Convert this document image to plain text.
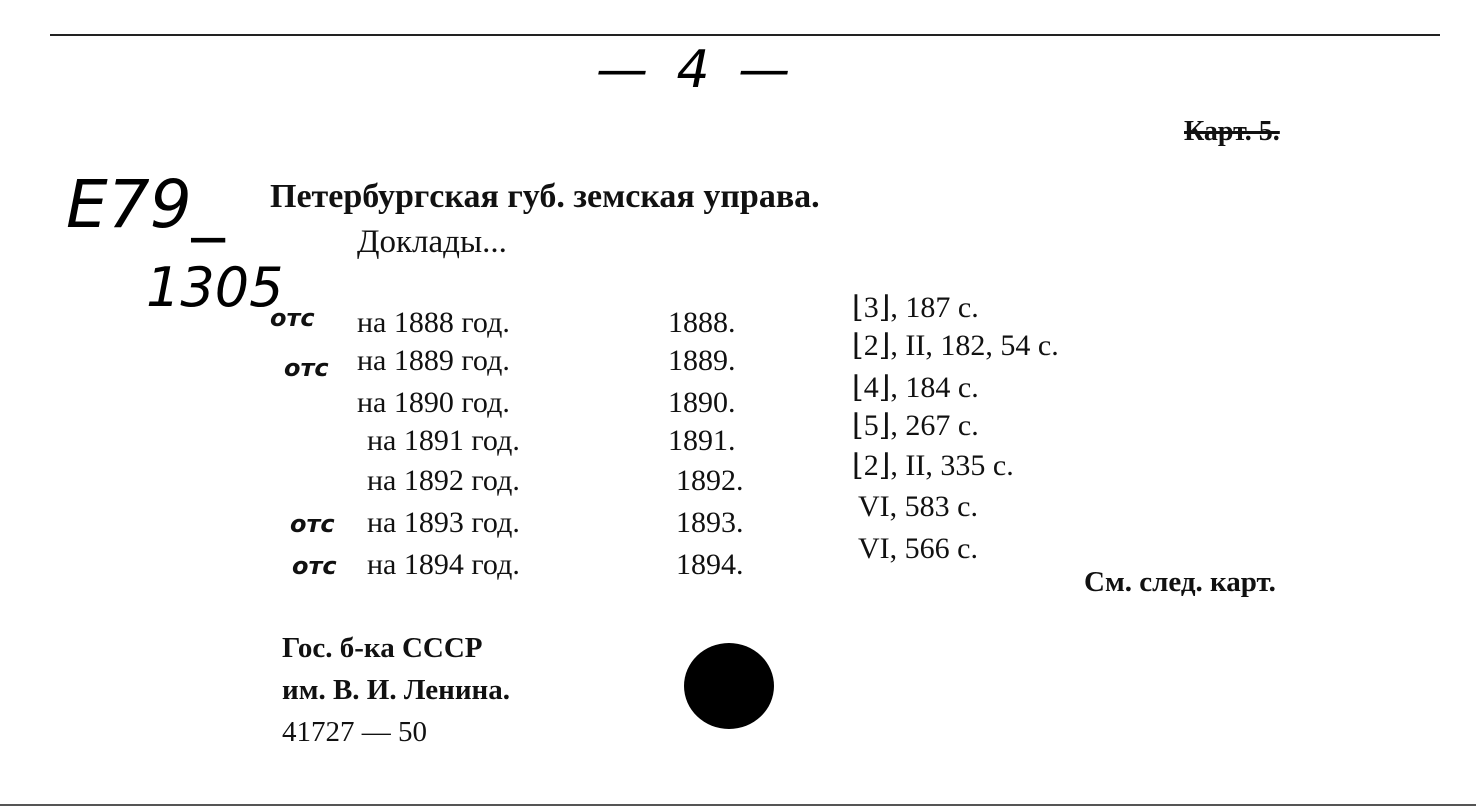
— 4 —
Карт. 5.
E79_
1305
Петербургская губ. земская управа.
Доклады...
отс на 1888 год.	1888.	⌊3⌋, 187 с.
отс на 1889 год.	1889.	⌊2⌋, II, 182, 54 с.
на 1890 год.	1890.	⌊4⌋, 184 с.
на 1891 год.	1891.	⌊5⌋, 267 с.
на 1892 год.	1892.	⌊2⌋, II, 335 с.
отс на 1893 год.	1893.	VI, 583 с.
отс на 1894 год.	1894.	VI, 566 с.
См. след. карт.
Гос. б-ка СССР
им. В. И. Ленина.
41727 — 50
